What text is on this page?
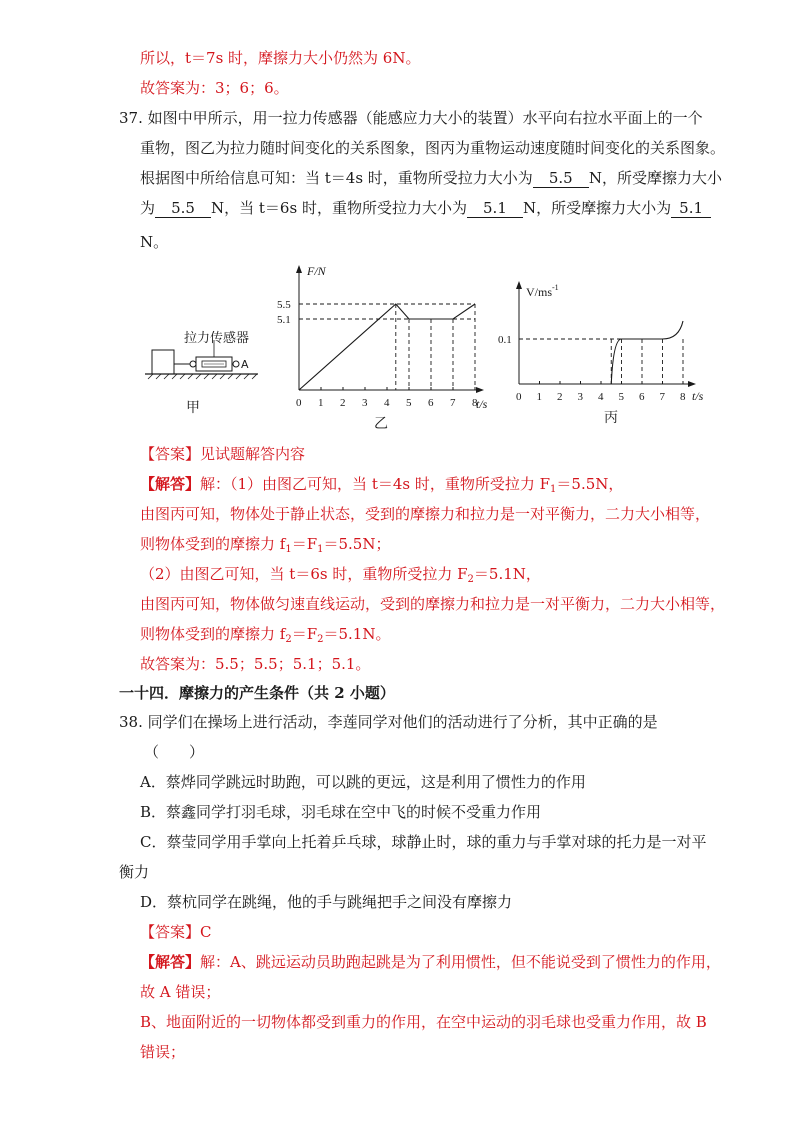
所以，t＝7s 时，摩擦力大小仍然为 6N。
故答案为：3；6；6。
37. 如图中甲所示，用一拉力传感器（能感应力大小的装置）水平向右拉水平面上的一个
重物，图乙为拉力随时间变化的关系图象，图丙为重物运动速度随时间变化的关系图象。
根据图中所给信息可知：当 t＝4s 时，重物所受拉力大小为 5.5 N，所受摩擦力大小
为 5.5 N，当 t＝6s 时，重物所受拉力大小为 5.1 N，所受摩擦力大小为 5.1
N。
A
拉力传感器
甲
F/N
t/s
乙
0 1 2 3 4 5 6 7 8
5.5
5.1
$V/ms^{-1}$
t/s
丙
0 1 2 3 4 5 6 7 8
0.1
【答案】见试题解答内容
【解答】解：（1）由图乙可知，当 t＝4s 时，重物所受拉力 $F_1=5.5N$，
由图丙可知，物体处于静止状态，受到的摩擦力和拉力是一对平衡力，二力大小相等，
则物体受到的摩擦力 $f_1=F_1=5.5N$；
（2）由图乙可知，当 t＝6s 时，重物所受拉力 $F_2=5.1N$，
由图丙可知，物体做匀速直线运动，受到的摩擦力和拉力是一对平衡力，二力大小相等，
则物体受到的摩擦力 $f_2=F_2=5.1N$。
故答案为：5.5；5.5；5.1；5.1。
一十四．摩擦力的产生条件（共 2 小题）
38. 同学们在操场上进行活动，李莲同学对他们的活动进行了分析，其中正确的是
（　　）
A．蔡烨同学跳远时助跑，可以跳的更远，这是利用了惯性力的作用
B．蔡鑫同学打羽毛球，羽毛球在空中飞的时候不受重力作用
C．蔡莹同学用手掌向上托着乒乓球，球静止时，球的重力与手掌对球的托力是一对平
衡力
D．蔡杭同学在跳绳，他的手与跳绳把手之间没有摩擦力
【答案】C
【解答】解：A、跳远运动员助跑起跳是为了利用惯性，但不能说受到了惯性力的作用，
故 A 错误；
B、地面附近的一切物体都受到重力的作用，在空中运动的羽毛球也受重力作用，故 B
错误；
